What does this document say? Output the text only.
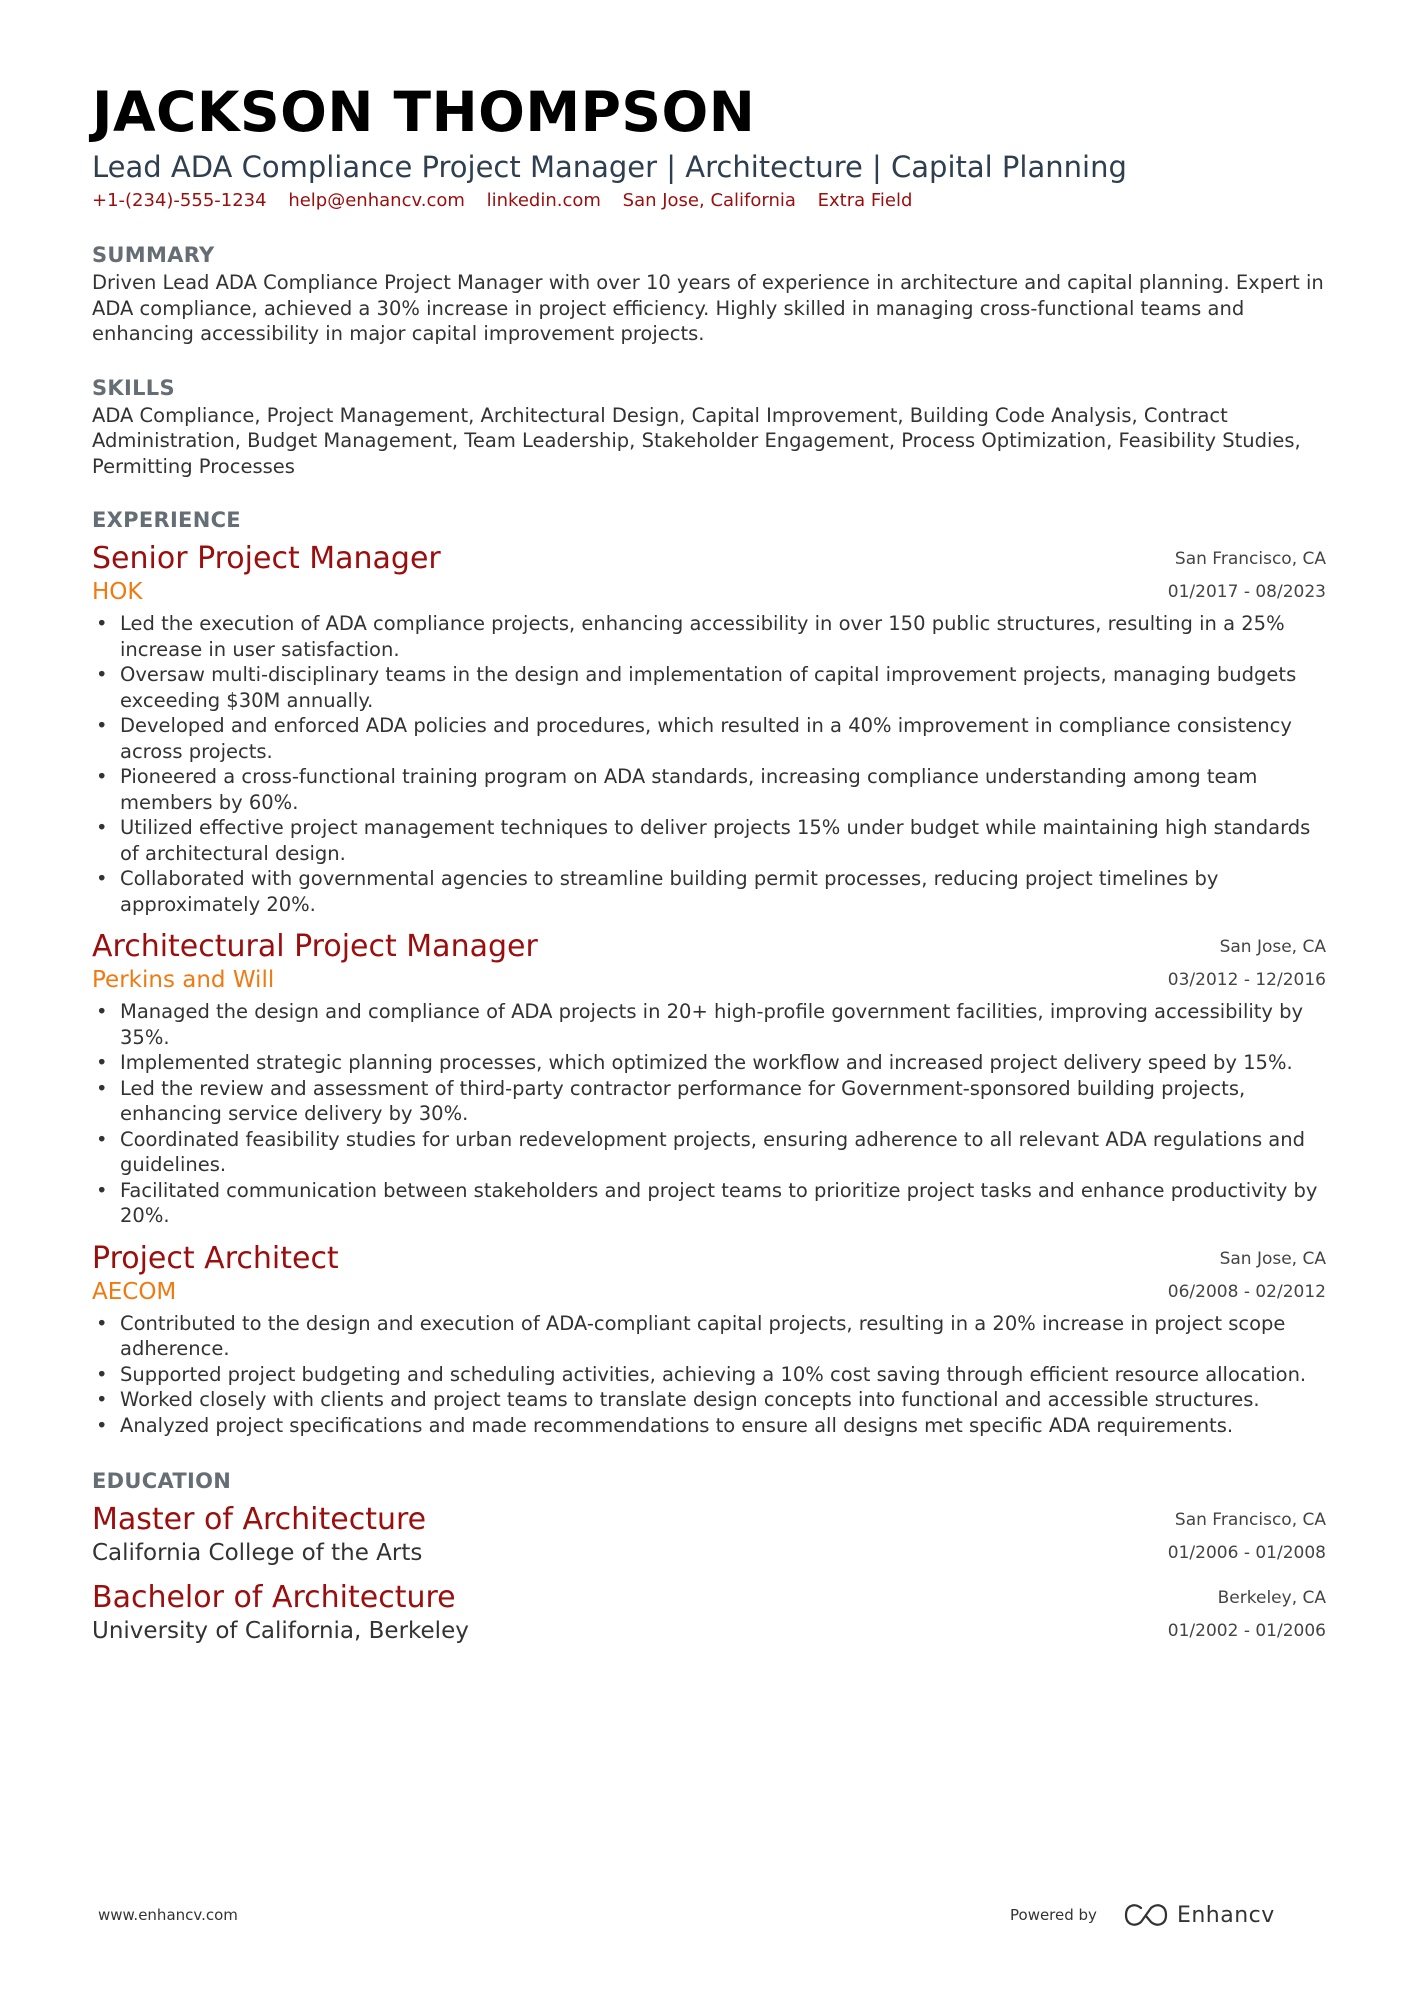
JACKSON THOMPSON
Lead ADA Compliance Project Manager | Architecture | Capital Planning
+1-(234)-555-1234 help@enhancv.com linkedin.com San Jose, California Extra Field
SUMMARY
Driven Lead ADA Compliance Project Manager with over 10 years of experience in architecture and capital planning. Expert in ADA compliance, achieved a 30% increase in project efficiency. Highly skilled in managing cross-functional teams and enhancing accessibility in major capital improvement projects.
SKILLS
ADA Compliance, Project Management, Architectural Design, Capital Improvement, Building Code Analysis, Contract Administration, Budget Management, Team Leadership, Stakeholder Engagement, Process Optimization, Feasibility Studies, Permitting Processes
EXPERIENCE
Senior Project Manager
HOK
San Francisco, CA
01/2017 - 08/2023
• Led the execution of ADA compliance projects, enhancing accessibility in over 150 public structures, resulting in a 25% increase in user satisfaction.
• Oversaw multi-disciplinary teams in the design and implementation of capital improvement projects, managing budgets exceeding $30M annually.
• Developed and enforced ADA policies and procedures, which resulted in a 40% improvement in compliance consistency across projects.
• Pioneered a cross-functional training program on ADA standards, increasing compliance understanding among team members by 60%.
• Utilized effective project management techniques to deliver projects 15% under budget while maintaining high standards of architectural design.
• Collaborated with governmental agencies to streamline building permit processes, reducing project timelines by approximately 20%.
Architectural Project Manager
Perkins and Will
San Jose, CA
03/2012 - 12/2016
• Managed the design and compliance of ADA projects in 20+ high-profile government facilities, improving accessibility by 35%.
• Implemented strategic planning processes, which optimized the workflow and increased project delivery speed by 15%.
• Led the review and assessment of third-party contractor performance for Government-sponsored building projects, enhancing service delivery by 30%.
• Coordinated feasibility studies for urban redevelopment projects, ensuring adherence to all relevant ADA regulations and guidelines.
• Facilitated communication between stakeholders and project teams to prioritize project tasks and enhance productivity by 20%.
Project Architect
AECOM
San Jose, CA
06/2008 - 02/2012
• Contributed to the design and execution of ADA-compliant capital projects, resulting in a 20% increase in project scope adherence.
• Supported project budgeting and scheduling activities, achieving a 10% cost saving through efficient resource allocation.
• Worked closely with clients and project teams to translate design concepts into functional and accessible structures.
• Analyzed project specifications and made recommendations to ensure all designs met specific ADA requirements.
EDUCATION
Master of Architecture
California College of the Arts
San Francisco, CA
01/2006 - 01/2008
Bachelor of Architecture
University of California, Berkeley
Berkeley, CA
01/2002 - 01/2006
www.enhancv.com	Powered by	Enhancv
